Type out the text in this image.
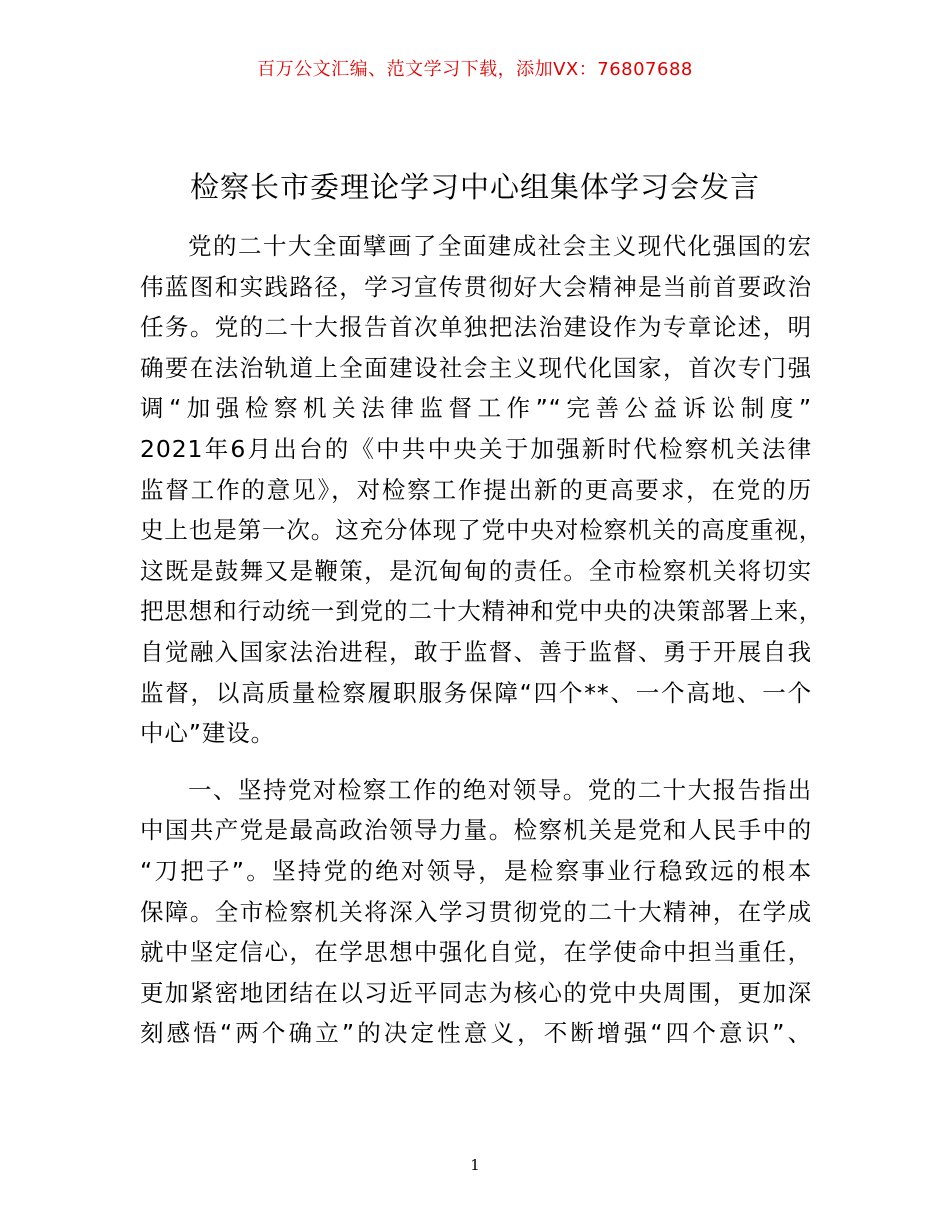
百万公文汇编、范文学习下载，添加VX：76807688
检察长市委理论学习中心组集体学习会发言

党的二十大全面擘画了全面建成社会主义现代化强国的宏
伟蓝图和实践路径，学习宣传贯彻好大会精神是当前首要政治
任务。党的二十大报告首次单独把法治建设作为专章论述，明
确要在法治轨道上全面建设社会主义现代化国家，首次专门强
调“加强检察机关法律监督工作”“完善公益诉讼制度”
2021年6月出台的《中共中央关于加强新时代检察机关法律
监督工作的意见》，对检察工作提出新的更高要求，在党的历
史上也是第一次。这充分体现了党中央对检察机关的高度重视，
这既是鼓舞又是鞭策，是沉甸甸的责任。全市检察机关将切实
把思想和行动统一到党的二十大精神和党中央的决策部署上来，
自觉融入国家法治进程，敢于监督、善于监督、勇于开展自我
监督，以高质量检察履职服务保障“四个**、一个高地、一个
中心”建设。

一、坚持党对检察工作的绝对领导。党的二十大报告指出
中国共产党是最高政治领导力量。检察机关是党和人民手中的
“刀把子”。坚持党的绝对领导，是检察事业行稳致远的根本
保障。全市检察机关将深入学习贯彻党的二十大精神，在学成
就中坚定信心，在学思想中强化自觉，在学使命中担当重任，
更加紧密地团结在以习近平同志为核心的党中央周围，更加深
刻感悟“两个确立”的决定性意义，不断增强“四个意识”、

1
